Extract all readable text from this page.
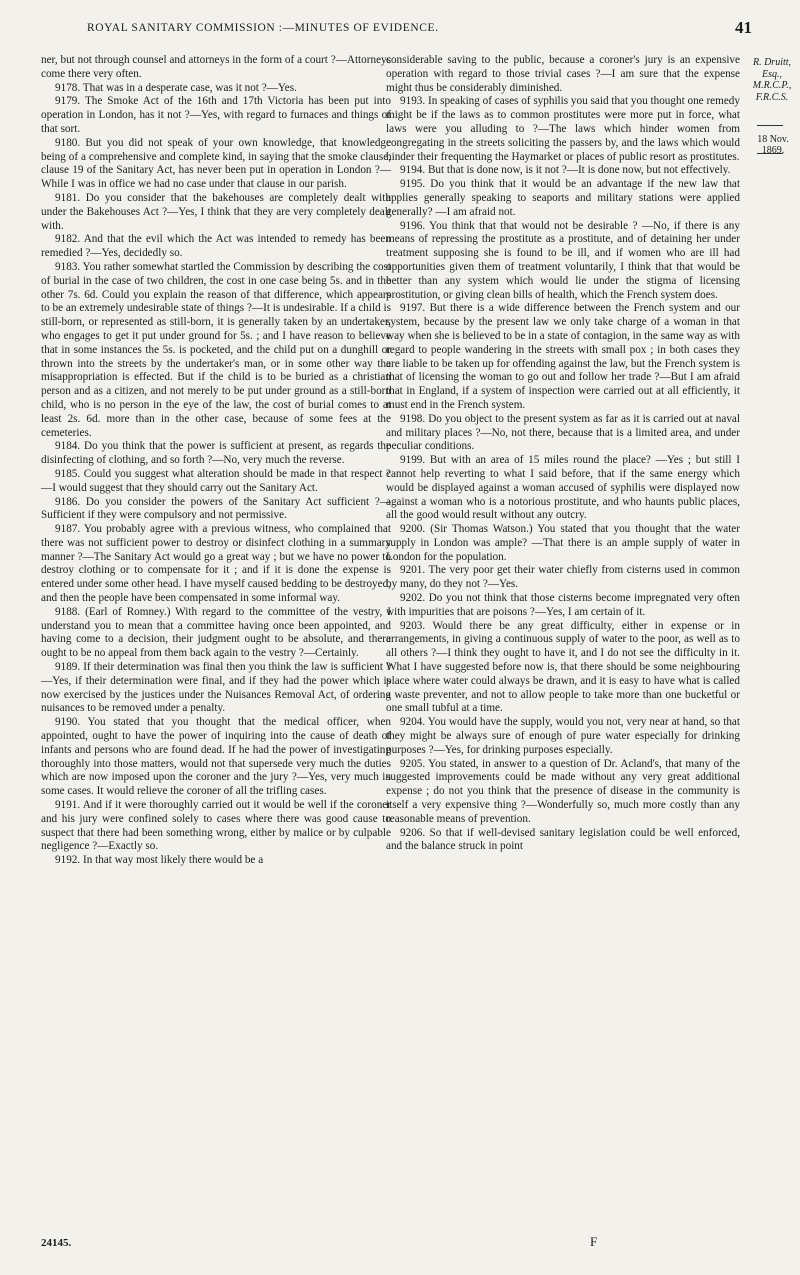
ROYAL SANITARY COMMISSION :—MINUTES OF EVIDENCE.	41

ner, but not through counsel and attorneys in the form of a court ?—Attorneys come there very often.

9178. That was in a desperate case, was it not ?—Yes.

9179. The Smoke Act of the 16th and 17th Victoria has been put into operation in London, has it not ?—Yes, with regard to furnaces and things of that sort.

9180. But you did not speak of your own knowledge, that knowledge being of a comprehensive and complete kind, in saying that the smoke clause, clause 19 of the Sanitary Act, has never been put in operation in London ?—While I was in office we had no case under that clause in our parish.

9181. Do you consider that the bakehouses are completely dealt with under the Bakehouses Act ?—Yes, I think that they are very completely dealt with.

9182. And that the evil which the Act was intended to remedy has been remedied ?—Yes, decidedly so.

9183. You rather somewhat startled the Commission by describing the cost of burial in the case of two children, the cost in one case being 5s. and in the other 7s. 6d. Could you explain the reason of that difference, which appears to be an extremely undesirable state of things ?—It is undesirable. If a child is still-born, or represented as still-born, it is generally taken by an undertaker, who engages to get it put under ground for 5s. ; and I have reason to believe that in some instances the 5s. is pocketed, and the child put on a dunghill or thrown into the streets by the undertaker's man, or in some other way the misappropriation is effected. But if the child is to be buried as a christian person and as a citizen, and not merely to be put under ground as a still-born child, who is no person in the eye of the law, the cost of burial comes to at least 2s. 6d. more than in the other case, because of some fees at the cemeteries.

9184. Do you think that the power is sufficient at present, as regards the disinfecting of clothing, and so forth ?—No, very much the reverse.

9185. Could you suggest what alteration should be made in that respect ?—I would suggest that they should carry out the Sanitary Act.

9186. Do you consider the powers of the Sanitary Act sufficient ?—Sufficient if they were compulsory and not permissive.

9187. You probably agree with a previous witness, who complained that there was not sufficient power to destroy or disinfect clothing in a summary manner ?—The Sanitary Act would go a great way ; but we have no power to destroy clothing or to compensate for it ; and if it is done the expense is entered under some other head. I have myself caused bedding to be destroyed, and then the people have been compensated in some informal way.

9188. (Earl of Romney.) With regard to the committee of the vestry, I understand you to mean that a committee having once been appointed, and having come to a decision, their judgment ought to be absolute, and there ought to be no appeal from them back again to the vestry ?—Certainly.

9189. If their determination was final then you think the law is sufficient ?—Yes, if their determination were final, and if they had the power which is now exercised by the justices under the Nuisances Removal Act, of ordering nuisances to be removed under a penalty.

9190. You stated that you thought that the medical officer, when appointed, ought to have the power of inquiring into the cause of death of infants and persons who are found dead. If he had the power of investigating thoroughly into those matters, would not that supersede very much the duties which are now imposed upon the coroner and the jury ?—Yes, very much in some cases. It would relieve the coroner of all the trifling cases.

9191. And if it were thoroughly carried out it would be well if the coroner and his jury were confined solely to cases where there was good cause to suspect that there had been something wrong, either by malice or by culpable negligence ?—Exactly so.

9192. In that way most likely there would be a

considerable saving to the public, because a coroner's jury is an expensive operation with regard to those trivial cases ?—I am sure that the expense might thus be considerably diminished.

9193. In speaking of cases of syphilis you said that you thought one remedy might be if the laws as to common prostitutes were more put in force, what laws were you alluding to ?—The laws which hinder women from congregating in the streets soliciting the passers by, and the laws which would hinder their frequenting the Haymarket or places of public resort as prostitutes.

9194. But that is done now, is it not ?—It is done now, but not effectively.

9195. Do you think that it would be an advantage if the new law that applies generally speaking to seaports and military stations were applied generally? —I am afraid not.

9196. You think that that would not be desirable ? —No, if there is any means of repressing the prostitute as a prostitute, and of detaining her under treatment supposing she is found to be ill, and if women who are ill had opportunities given them of treatment voluntarily, I think that that would be better than any system which would lie under the stigma of licensing prostitution, or giving clean bills of health, which the French system does.

9197. But there is a wide difference between the French system and our system, because by the present law we only take charge of a woman in that way when she is believed to be in a state of contagion, in the same way as with regard to people wandering in the streets with small pox ; in both cases they are liable to be taken up for offending against the law, but the French system is that of licensing the woman to go out and follow her trade ?—But I am afraid that in England, if a system of inspection were carried out at all efficiently, it must end in the French system.

9198. Do you object to the present system as far as it is carried out at naval and military places ?—No, not there, because that is a limited area, and under peculiar conditions.

9199. But with an area of 15 miles round the place? —Yes ; but still I cannot help reverting to what I said before, that if the same energy which would be displayed against a woman accused of syphilis were displayed now against a woman who is a notorious prostitute, and who haunts public places, all the good would result without any outcry.

9200. (Sir Thomas Watson.) You stated that you thought that the water supply in London was ample? —That there is an ample supply of water in London for the population.

9201. The very poor get their water chiefly from cisterns used in common by many, do they not ?—Yes.

9202. Do you not think that those cisterns become impregnated very often with impurities that are poisons ?—Yes, I am certain of it.

9203. Would there be any great difficulty, either in expense or in arrangements, in giving a continuous supply of water to the poor, as well as to all others ?—I think they ought to have it, and I do not see the difficulty in it. What I have suggested before now is, that there should be some neighbouring place where water could always be drawn, and it is easy to have what is called a waste preventer, and not to allow people to take more than one bucketful or one small tubful at a time.

9204. You would have the supply, would you not, very near at hand, so that they might be always sure of enough of pure water especially for drinking purposes ?—Yes, for drinking purposes especially.

9205. You stated, in answer to a question of Dr. Acland's, that many of the suggested improvements could be made without any very great additional expense ; do not you think that the presence of disease in the community is itself a very expensive thing ?—Wonderfully so, much more costly than any reasonable means of prevention.

9206. So that if well-devised sanitary legislation could be well enforced, and the balance struck in point

R. Druitt, Esq., M.R.C.P., F.R.C.S.
18 Nov. 1869.
24145.	F
